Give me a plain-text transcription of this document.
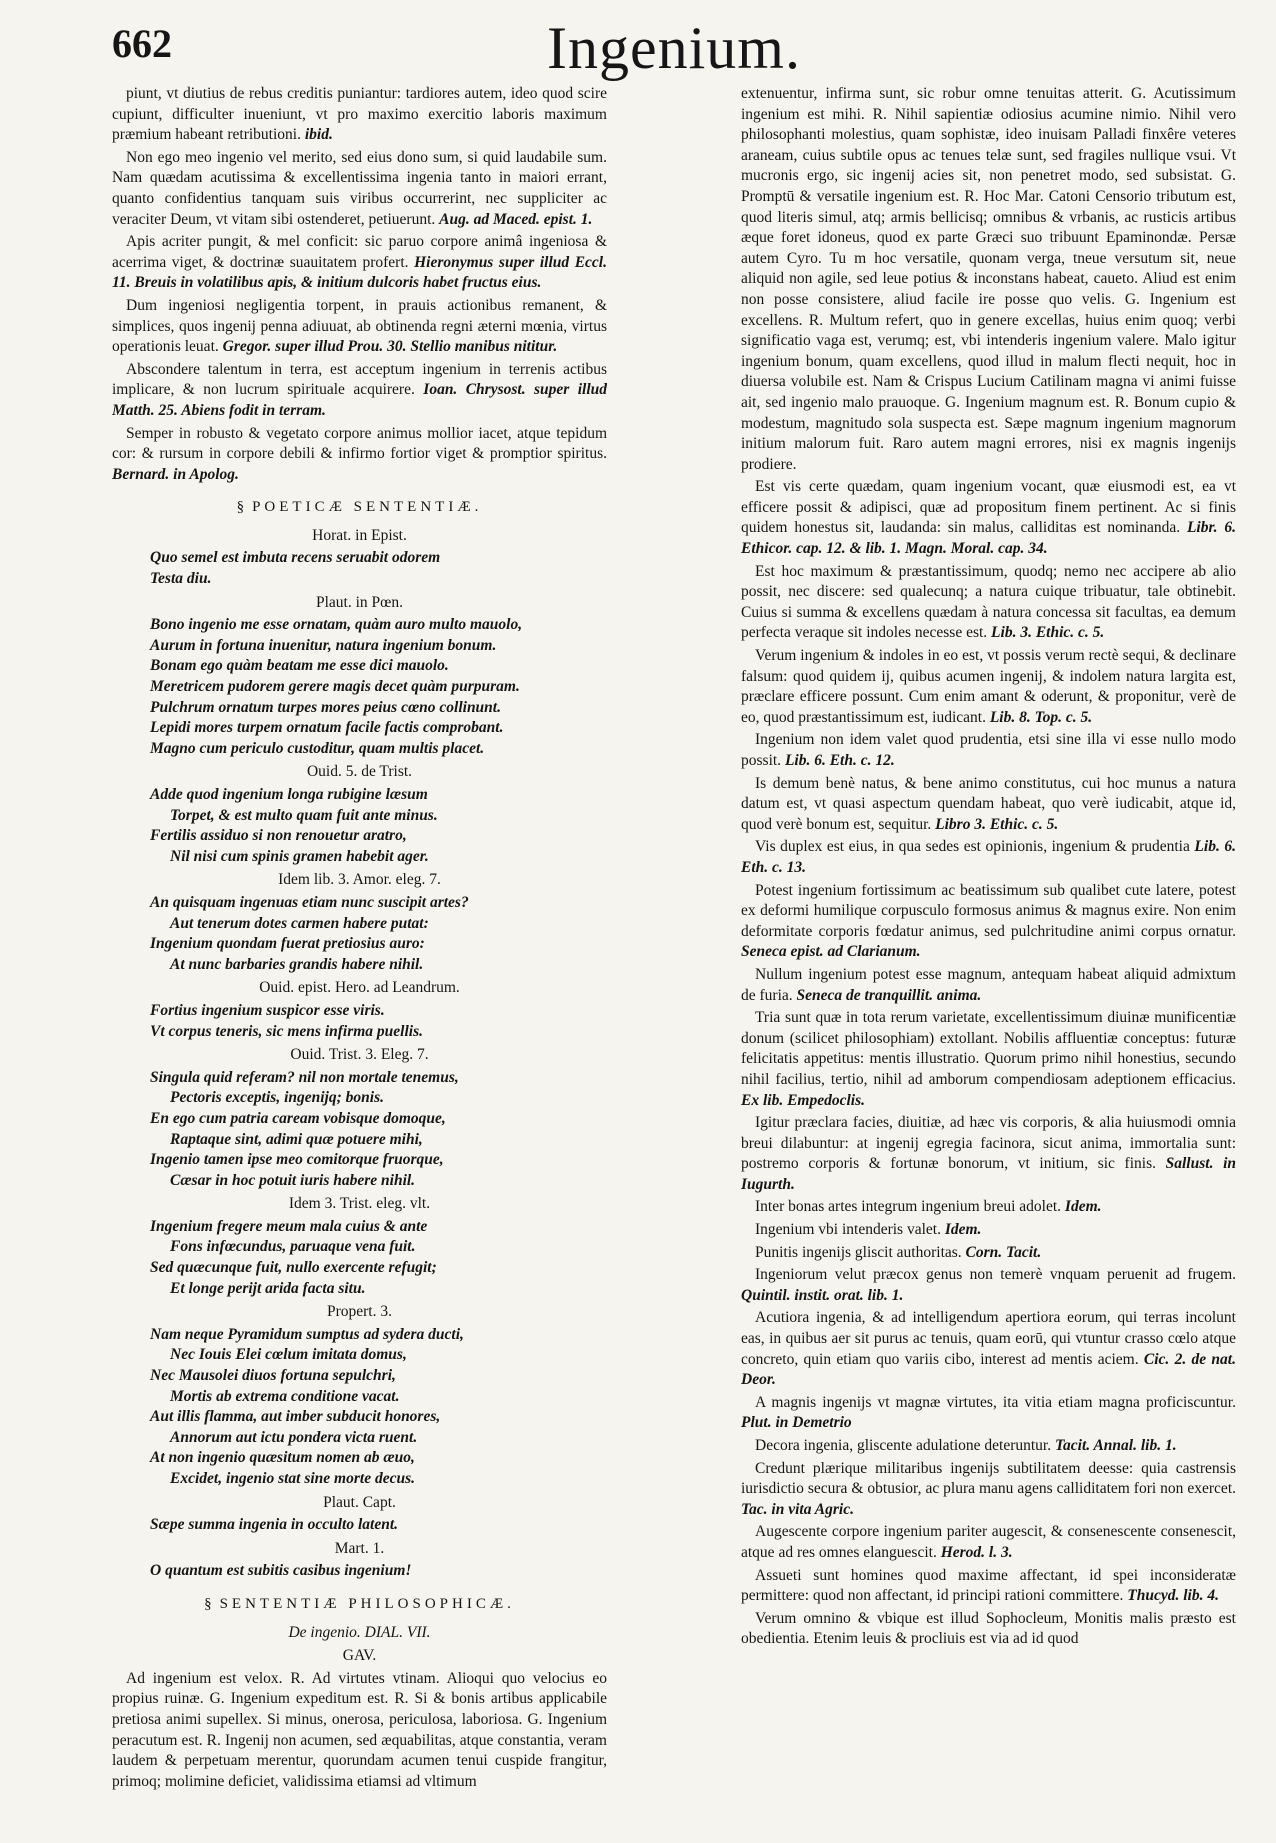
662	Ingenium.

piunt, vt diutius de rebus creditis puniantur: tardiores autem, ideo quod scire cupiunt, difficulter inueniunt, vt pro maximo exercitio laboris maximum præmium habeant retributioni. ibid.

Non ego meo ingenio vel merito, sed eius dono sum, si quid laudabile sum. Nam quædam acutissima & excellentissima ingenia tanto in maiori errant, quanto confidentius tanquam suis viribus occurrerint, nec suppliciter ac veraciter Deum, vt vitam sibi ostenderet, petiuerunt. Aug. ad Maced. epist. 1.

Apis acriter pungit, & mel conficit: sic paruo corpore animâ ingeniosa & acerrima viget, & doctrinæ suauitatem profert. Hieronymus super illud Eccl. 11. Breuis in volatilibus apis, & initium dulcoris habet fructus eius.

Dum ingeniosi negligentia torpent, in prauis actionibus remanent, & simplices, quos ingenij penna adiuuat, ab obtinenda regni æterni mœnia, virtus operationis leuat. Gregor. super illud Prou. 30. Stellio manibus nititur.

Abscondere talentum in terra, est acceptum ingenium in terrenis actibus implicare, & non lucrum spirituale acquirere. Ioan. Chrysost. super illud Matth. 25. Abiens fodit in terram.

Semper in robusto & vegetato corpore animus mollior iacet, atque tepidum cor: & rursum in corpore debili & infirmo fortior viget & promptior spiritus. Bernard. in Apolog.

§ POETICÆ SENTENTIÆ.
Horat. in Epist.
Quo semel est imbuta recens seruabit odorem
Testa diu.
Plaut. in Pœn.
Bono ingenio me esse ornatam, quàm auro multo mauolo,
Aurum in fortuna inuenitur, natura ingenium bonum.
Bonam ego quàm beatam me esse dici mauolo.
Meretricem pudorem gerere magis decet quàm purpuram.
Pulchrum ornatum turpes mores peius cœno collinunt.
Lepidi mores turpem ornatum facile factis comprobant.
Magno cum periculo custoditur, quam multis placet.
Ouid. 5. de Trist.
Adde quod ingenium longa rubigine læsum
Torpet, & est multo quam fuit ante minus.
Fertilis assiduo si non renouetur aratro,
Nil nisi cum spinis gramen habebit ager.
Idem lib. 3. Amor. eleg. 7.
An quisquam ingenuas etiam nunc suscipit artes?
Aut tenerum dotes carmen habere putat:
Ingenium quondam fuerat pretiosius auro:
At nunc barbaries grandis habere nihil.
Ouid. epist. Hero. ad Leandrum.
Fortius ingenium suspicor esse viris.
Vt corpus teneris, sic mens infirma puellis.
Ouid. Trist. 3. Eleg. 7.
Singula quid referam? nil non mortale tenemus,
Pectoris exceptis, ingenijq; bonis.
En ego cum patria caream vobisque domoque,
Raptaque sint, adimi quæ potuere mihi,
Ingenio tamen ipse meo comitorque fruorque,
Cæsar in hoc potuit iuris habere nihil.
Idem 3. Trist. eleg. vlt.
Ingenium fregere meum mala cuius & ante
Fons infœcundus, paruaque vena fuit.
Sed quæcunque fuit, nullo exercente refugit;
Et longe perijt arida facta situ.
Propert. 3.
Nam neque Pyramidum sumptus ad sydera ducti,
Nec Iouis Elei cœlum imitata domus,
Nec Mausolei diuos fortuna sepulchri,
Mortis ab extrema conditione vacat.
Aut illis flamma, aut imber subducit honores,
Annorum aut ictu pondera victa ruent.
At non ingenio quæsitum nomen ab æuo,
Excidet, ingenio stat sine morte decus.
Plaut. Capt.
Sæpe summa ingenia in occulto latent.
Mart. 1.
O quantum est subitis casibus ingenium!
§ SENTENTIÆ PHILOSOPHICÆ.
De ingenio. DIAL. VII.
GAV.

Ad ingenium est velox. R. Ad virtutes vtinam. Alioqui quo velocius eo propius ruinæ. G. Ingenium expeditum est. R. Si & bonis artibus applicabile pretiosa animi supellex. Si minus, onerosa, periculosa, laboriosa. G. Ingenium peracutum est. R. Ingenij non acumen, sed æquabilitas, atque constantia, veram laudem & perpetuam merentur, quorundam acumen tenui cuspide frangitur, primoq; molimine deficiet, validissima etiamsi ad vltimum

extenuentur, infirma sunt, sic robur omne tenuitas atterit. G. Acutissimum ingenium est mihi. R. Nihil sapientiæ odiosius acumine nimio. Nihil vero philosophanti molestius, quam sophistæ, ideo inuisam Palladi finxêre veteres araneam, cuius subtile opus ac tenues telæ sunt, sed fragiles nullique vsui. Vt mucronis ergo, sic ingenij acies sit, non penetret modo, sed subsistat. G. Promptū & versatile ingenium est. R. Hoc Mar. Catoni Censorio tributum est, quod literis simul, atq; armis bellicisq; omnibus & vrbanis, ac rusticis artibus æque foret idoneus, quod ex parte Græci suo tribuunt Epaminondæ. Persæ autem Cyro. Tu m hoc versatile, quonam verga, tneue versutum sit, neue aliquid non agile, sed leue potius & inconstans habeat, caueto. Aliud est enim non posse consistere, aliud facile ire posse quo velis. G. Ingenium est excellens. R. Multum refert, quo in genere excellas, huius enim quoq; verbi significatio vaga est, verumq; est, vbi intenderis ingenium valere. Malo igitur ingenium bonum, quam excellens, quod illud in malum flecti nequit, hoc in diuersa volubile est. Nam & Crispus Lucium Catilinam magna vi animi fuisse ait, sed ingenio malo prauoque. G. Ingenium magnum est. R. Bonum cupio & modestum, magnitudo sola suspecta est. Sæpe magnum ingenium magnorum initium malorum fuit. Raro autem magni errores, nisi ex magnis ingenijs prodiere.

Est vis certe quædam, quam ingenium vocant, quæ eiusmodi est, ea vt efficere possit & adipisci, quæ ad propositum finem pertinent. Ac si finis quidem honestus sit, laudanda: sin malus, calliditas est nominanda. Libr. 6. Ethicor. cap. 12. & lib. 1. Magn. Moral. cap. 34.

Est hoc maximum & præstantissimum, quodq; nemo nec accipere ab alio possit, nec discere: sed qualecunq; a natura cuique tribuatur, tale obtinebit. Cuius si summa & excellens quædam à natura concessa sit facultas, ea demum perfecta veraque sit indoles necesse est. Lib. 3. Ethic. c. 5.

Verum ingenium & indoles in eo est, vt possis verum rectè sequi, & declinare falsum: quod quidem ij, quibus acumen ingenij, & indolem natura largita est, præclare efficere possunt. Cum enim amant & oderunt, & proponitur, verè de eo, quod præstantissimum est, iudicant. Lib. 8. Top. c. 5.

Ingenium non idem valet quod prudentia, etsi sine illa vi esse nullo modo possit. Lib. 6. Eth. c. 12.

Is demum benè natus, & bene animo constitutus, cui hoc munus a natura datum est, vt quasi aspectum quendam habeat, quo verè iudicabit, atque id, quod verè bonum est, sequitur. Libro 3. Ethic. c. 5.

Vis duplex est eius, in qua sedes est opinionis, ingenium & prudentia Lib. 6. Eth. c. 13.

Potest ingenium fortissimum ac beatissimum sub qualibet cute latere, potest ex deformi humilique corpusculo formosus animus & magnus exire. Non enim deformitate corporis fœdatur animus, sed pulchritudine animi corpus ornatur. Seneca epist. ad Clarianum.

Nullum ingenium potest esse magnum, antequam habeat aliquid admixtum de furia. Seneca de tranquillit. anima.

Tria sunt quæ in tota rerum varietate, excellentissimum diuinæ munificentiæ donum (scilicet philosophiam) extollant. Nobilis affluentiæ conceptus: futuræ felicitatis appetitus: mentis illustratio. Quorum primo nihil honestius, secundo nihil facilius, tertio, nihil ad amborum compendiosam adeptionem efficacius. Ex lib. Empedoclis.

Igitur præclara facies, diuitiæ, ad hæc vis corporis, & alia huiusmodi omnia breui dilabuntur: at ingenij egregia facinora, sicut anima, immortalia sunt: postremo corporis & fortunæ bonorum, vt initium, sic finis. Sallust. in Iugurth.

Inter bonas artes integrum ingenium breui adolet. Idem.

Ingenium vbi intenderis valet. Idem.

Punitis ingenijs gliscit authoritas. Corn. Tacit.

Ingeniorum velut præcox genus non temerè vnquam peruenit ad frugem. Quintil. instit. orat. lib. 1.

Acutiora ingenia, & ad intelligendum apertiora eorum, qui terras incolunt eas, in quibus aer sit purus ac tenuis, quam eorū, qui vtuntur crasso cœlo atque concreto, quin etiam quo variis cibo, interest ad mentis aciem. Cic. 2. de nat. Deor.

A magnis ingenijs vt magnæ virtutes, ita vitia etiam magna proficiscuntur. Plut. in Demetrio

Decora ingenia, gliscente adulatione deteruntur. Tacit. Annal. lib. 1.

Credunt plærique militaribus ingenijs subtilitatem deesse: quia castrensis iurisdictio secura & obtusior, ac plura manu agens calliditatem fori non exercet. Tac. in vita Agric.

Augescente corpore ingenium pariter augescit, & consenescente consenescit, atque ad res omnes elanguescit. Herod. l. 3.

Assueti sunt homines quod maxime affectant, id spei inconsideratæ permittere: quod non affectant, id principi rationi committere. Thucyd. lib. 4.

Verum omnino & vbique est illud Sophocleum, Monitis malis præsto est obedientia. Etenim leuis & procliuis est via ad id quod
